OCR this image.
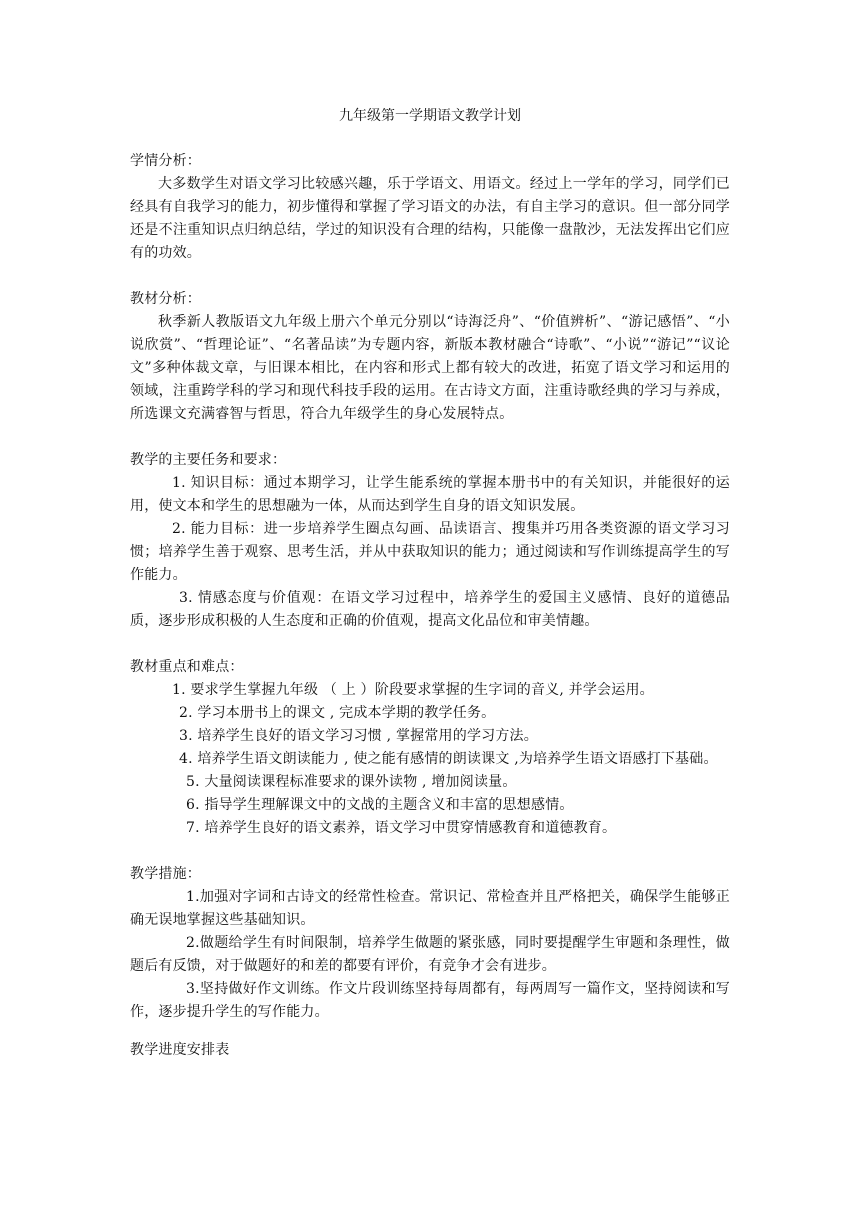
九年级第一学期语文教学计划

学情分析：

大多数学生对语文学习比较感兴趣，乐于学语文、用语文。经过上一学年的学习，同学们已经具有自我学习的能力，初步懂得和掌握了学习语文的办法，有自主学习的意识。但一部分同学还是不注重知识点归纳总结，学过的知识没有合理的结构，只能像一盘散沙，无法发挥出它们应有的功效。

教材分析：

秋季新人教版语文九年级上册六个单元分别以“诗海泛舟”、“价值辨析”、“游记感悟”、“小说欣赏”、“哲理论证”、“名著品读”为专题内容，新版本教材融合“诗歌”、“小说”“游记”“议论文”多种体裁文章，与旧课本相比，在内容和形式上都有较大的改进，拓宽了语文学习和运用的领域，注重跨学科的学习和现代科技手段的运用。在古诗文方面，注重诗歌经典的学习与养成，所选课文充满睿智与哲思，符合九年级学生的身心发展特点。

教学的主要任务和要求：

1. 知识目标：通过本期学习，让学生能系统的掌握本册书中的有关知识，并能很好的运用，使文本和学生的思想融为一体，从而达到学生自身的语文知识发展。

2. 能力目标：进一步培养学生圈点勾画、品读语言、搜集并巧用各类资源的语文学习习惯；培养学生善于观察、思考生活，并从中获取知识的能力；通过阅读和写作训练提高学生的写作能力。

3. 情感态度与价值观：在语文学习过程中，培养学生的爱国主义感情、良好的道德品质，逐步形成积极的人生态度和正确的价值观，提高文化品位和审美情趣。

教材重点和难点：

1. 要求学生掌握九年级 （ 上 ）阶段要求掌握的生字词的音义, 并学会运用。

2. 学习本册书上的课文 , 完成本学期的教学任务。

3. 培养学生良好的语文学习习惯 , 掌握常用的学习方法。

4. 培养学生语文朗读能力 , 使之能有感情的朗读课文 ,为培养学生语文语感打下基础。

5. 大量阅读课程标准要求的课外读物 , 增加阅读量。

6. 指导学生理解课文中的文战的主题含义和丰富的思想感情。

7. 培养学生良好的语文素养，语文学习中贯穿情感教育和道德教育。

教学措施：

1.加强对字词和古诗文的经常性检查。常识记、常检查并且严格把关，确保学生能够正确无误地掌握这些基础知识。

2.做题给学生有时间限制，培养学生做题的紧张感，同时要提醒学生审题和条理性，做题后有反馈，对于做题好的和差的都要有评价，有竞争才会有进步。

3.坚持做好作文训练。作文片段训练坚持每周都有，每两周写一篇作文，坚持阅读和写作，逐步提升学生的写作能力。

教学进度安排表
